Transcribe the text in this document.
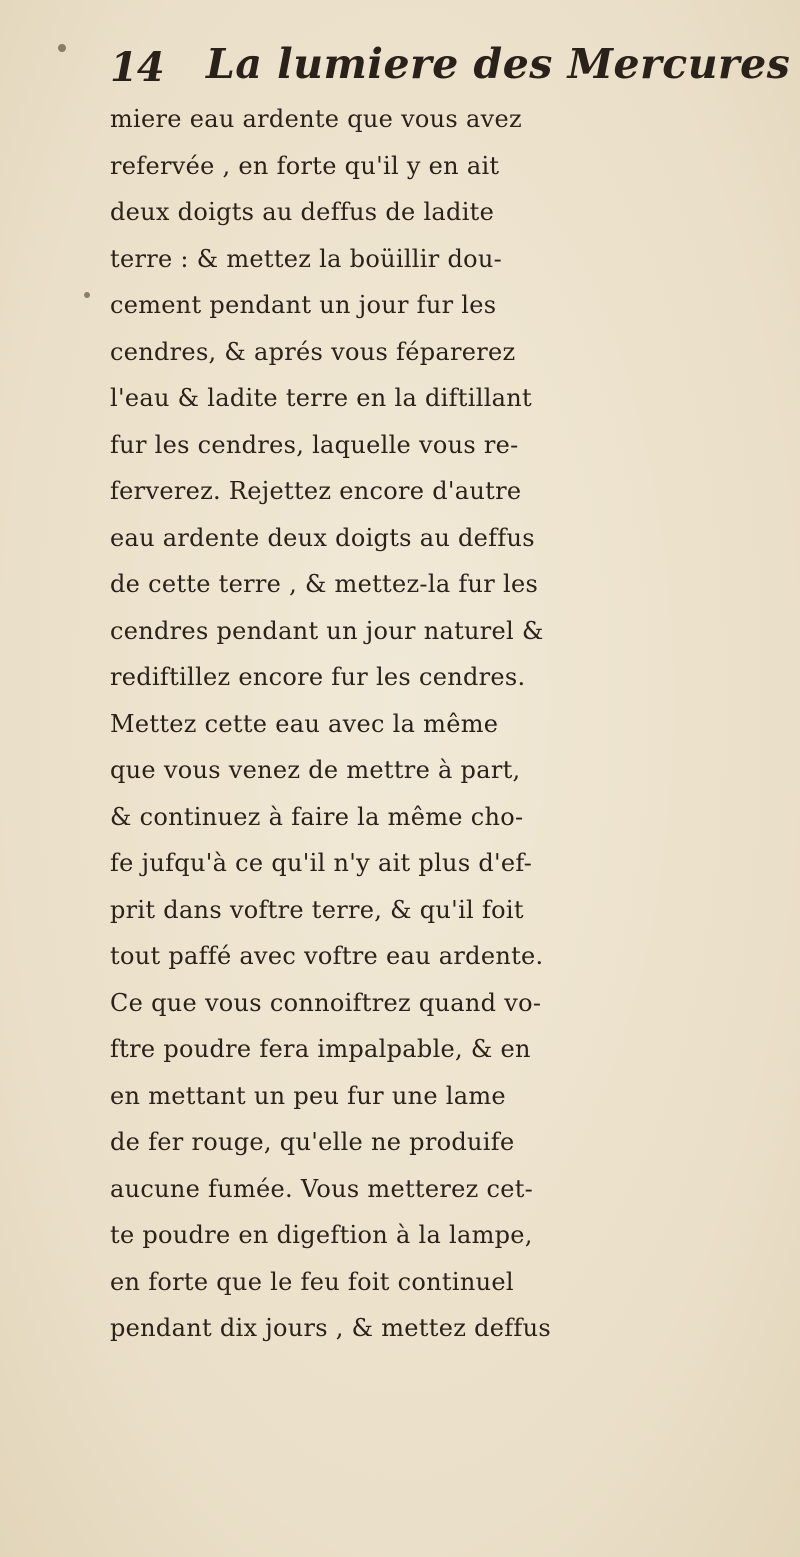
14 La lumiere des Mercures
miere eau ardente que vous avez
refervée , en forte qu'il y en ait
deux doigts au deffus de ladite
terre : & mettez la boüillir dou-
cement pendant un jour fur les
cendres, & aprés vous féparerez
l'eau & ladite terre en la diftillant
fur les cendres, laquelle vous re-
ferverez. Rejettez encore d'autre
eau ardente deux doigts au deffus
de cette terre , & mettez-la fur les
cendres pendant un jour naturel &
rediftillez encore fur les cendres.
Mettez cette eau avec la même
que vous venez de mettre à part,
& continuez à faire la même cho-
fe jufqu'à ce qu'il n'y ait plus d'ef-
prit dans voftre terre, & qu'il foit
tout paffé avec voftre eau ardente.
Ce que vous connoiftrez quand vo-
ftre poudre fera impalpable, & en
en mettant un peu fur une lame
de fer rouge, qu'elle ne produife
aucune fumée. Vous metterez cet-
te poudre en digeftion à la lampe,
en forte que le feu foit continuel
pendant dix jours , & mettez deffus
